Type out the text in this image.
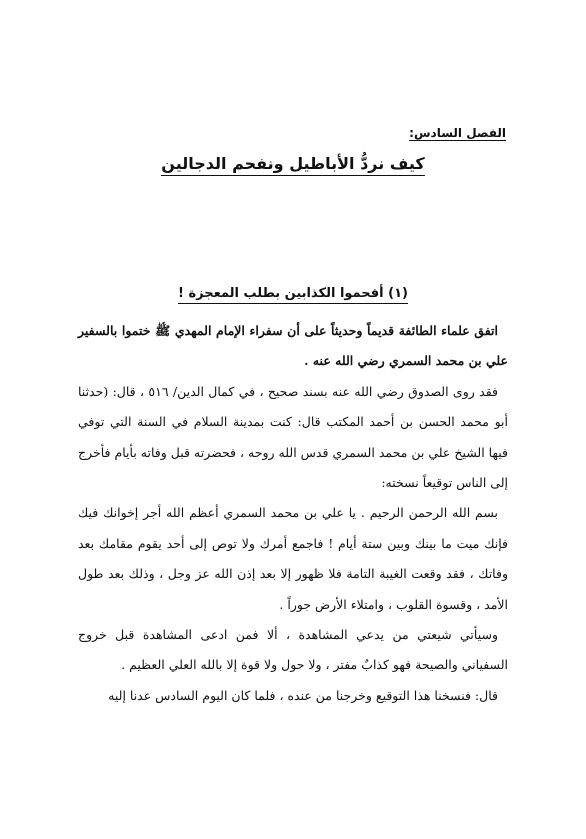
الفصل السادس:
كيف نردُّ الأباطيل ونفحم الدجالين
(١) أفحموا الكذابين بطلب المعجزة !

اتفق علماء الطائفة قديماً وحديثاً على أن سفراء الإمام المهدي ﷺ ختموا بالسفير علي بن محمد السمري رضي الله عنه .

فقد روى الصدوق رضي الله عنه بسند صحيح ، في كمال الدين/ ٥١٦ ، قال: (حدثنا أبو محمد الحسن بن أحمد المكتب قال: كنت بمدينة السلام في السنة التي توفي فيها الشيخ علي بن محمد السمري قدس الله روحه ، فحضرته قبل وفاته بأيام فأخرج إلى الناس توقيعاً نسخته:

بسم الله الرحمن الرحيم . يا علي بن محمد السمري أعظم الله أجر إخوانك فيك فإنك ميت ما بينك وبين ستة أيام ! فاجمع أمرك ولا توص إلى أحد يقوم مقامك بعد وفاتك ، فقد وقعت الغيبة التامة فلا ظهور إلا بعد إذن الله عز وجل ، وذلك بعد طول الأمد ، وقسوة القلوب ، وامتلاء الأرض جوراً .

وسيأتي شيعتي من يدعي المشاهدة ، ألا فمن ادعى المشاهدة قبل خروج السفياني والصيحة فهو كذابٌ مفتر ، ولا حول ولا قوة إلا بالله العلي العظيم .

قال: فنسخنا هذا التوقيع وخرجنا من عنده ، فلما كان اليوم السادس عدنا إليه
